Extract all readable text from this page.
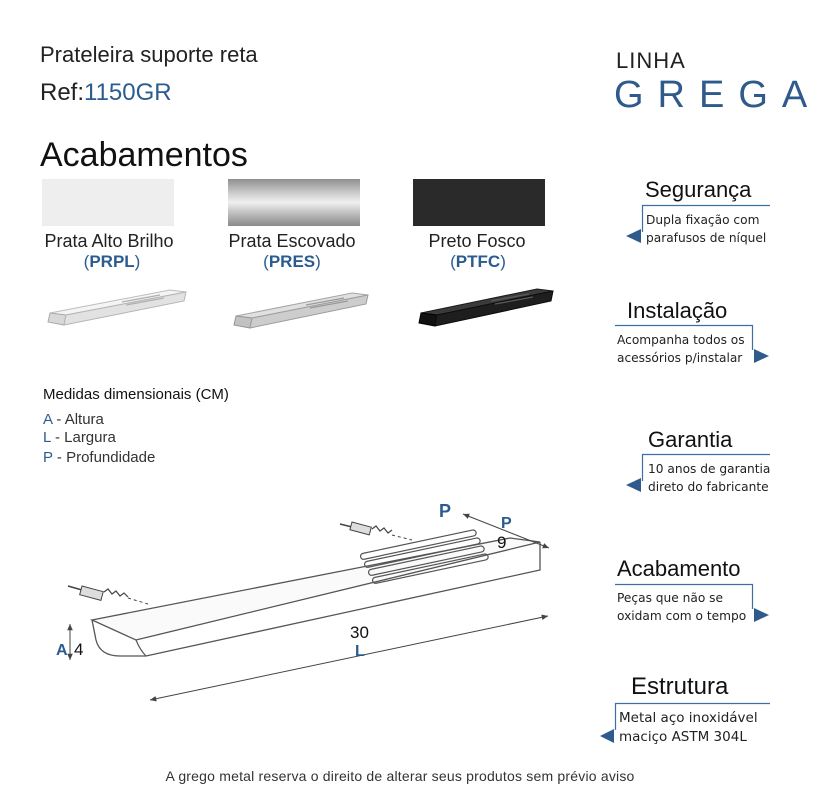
Prateleira suporte reta
Ref:1150GR
LINHA
GREGA
Acabamentos
Prata Alto Brilho	Prata Escovado	Preto Fosco
(PRPL)	(PRES)	(PTFC)
Medidas dimensionais (CM)
A - Altura
L - Largura
P - Profundidade
A 4
30
L
P
P
9
Segurança
Dupla fixação com
parafusos de níquel
Instalação
Acompanha todos os
acessórios p/instalar
Garantia
10 anos de garantia
direto do fabricante
Acabamento
Peças que não se
oxidam com o tempo
Estrutura
Metal aço inoxidável
maciço ASTM 304L
A grego metal reserva o direito de alterar seus produtos sem prévio aviso
